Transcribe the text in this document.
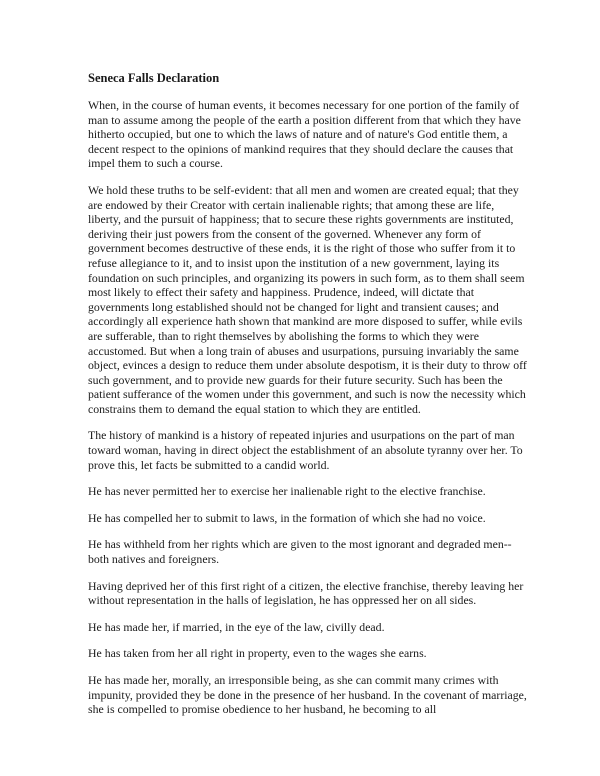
Seneca Falls Declaration

When, in the course of human events, it becomes necessary for one portion of the family of man to assume among the people of the earth a position different from that which they have hitherto occupied, but one to which the laws of nature and of nature's God entitle them, a decent respect to the opinions of mankind requires that they should declare the causes that impel them to such a course.

We hold these truths to be self-evident: that all men and women are created equal; that they are endowed by their Creator with certain inalienable rights; that among these are life, liberty, and the pursuit of happiness; that to secure these rights governments are instituted, deriving their just powers from the consent of the governed. Whenever any form of government becomes destructive of these ends, it is the right of those who suffer from it to refuse allegiance to it, and to insist upon the institution of a new government, laying its foundation on such principles, and organizing its powers in such form, as to them shall seem most likely to effect their safety and happiness. Prudence, indeed, will dictate that governments long established should not be changed for light and transient causes; and accordingly all experience hath shown that mankind are more disposed to suffer, while evils are sufferable, than to right themselves by abolishing the forms to which they were accustomed. But when a long train of abuses and usurpations, pursuing invariably the same object, evinces a design to reduce them under absolute despotism, it is their duty to throw off such government, and to provide new guards for their future security. Such has been the patient sufferance of the women under this government, and such is now the necessity which constrains them to demand the equal station to which they are entitled.

The history of mankind is a history of repeated injuries and usurpations on the part of man toward woman, having in direct object the establishment of an absolute tyranny over her. To prove this, let facts be submitted to a candid world.

He has never permitted her to exercise her inalienable right to the elective franchise.

He has compelled her to submit to laws, in the formation of which she had no voice.

He has withheld from her rights which are given to the most ignorant and degraded men--both natives and foreigners.

Having deprived her of this first right of a citizen, the elective franchise, thereby leaving her without representation in the halls of legislation, he has oppressed her on all sides.

He has made her, if married, in the eye of the law, civilly dead.

He has taken from her all right in property, even to the wages she earns.

He has made her, morally, an irresponsible being, as she can commit many crimes with impunity, provided they be done in the presence of her husband. In the covenant of marriage, she is compelled to promise obedience to her husband, he becoming to all
